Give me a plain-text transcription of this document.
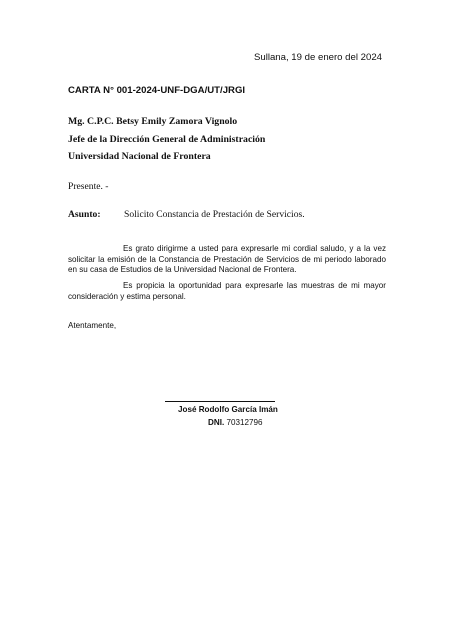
Sullana, 19 de enero del 2024
CARTA N° 001-2024-UNF-DGA/UT/JRGI
Mg. C.P.C. Betsy Emily Zamora Vignolo
Jefe de la Dirección General de Administración
Universidad Nacional de Frontera
Presente. -
Asunto: Solicito Constancia de Prestación de Servicios.
Es grato dirigirme a usted para expresarle mi cordial saludo, y a la vez solicitar la emisión de la Constancia de Prestación de Servicios de mi periodo laborado en su casa de Estudios de la Universidad Nacional de Frontera.
Es propicia la oportunidad para expresarle las muestras de mi mayor consideración y estima personal.
Atentamente,
José Rodolfo García Imán
DNI. 70312796
